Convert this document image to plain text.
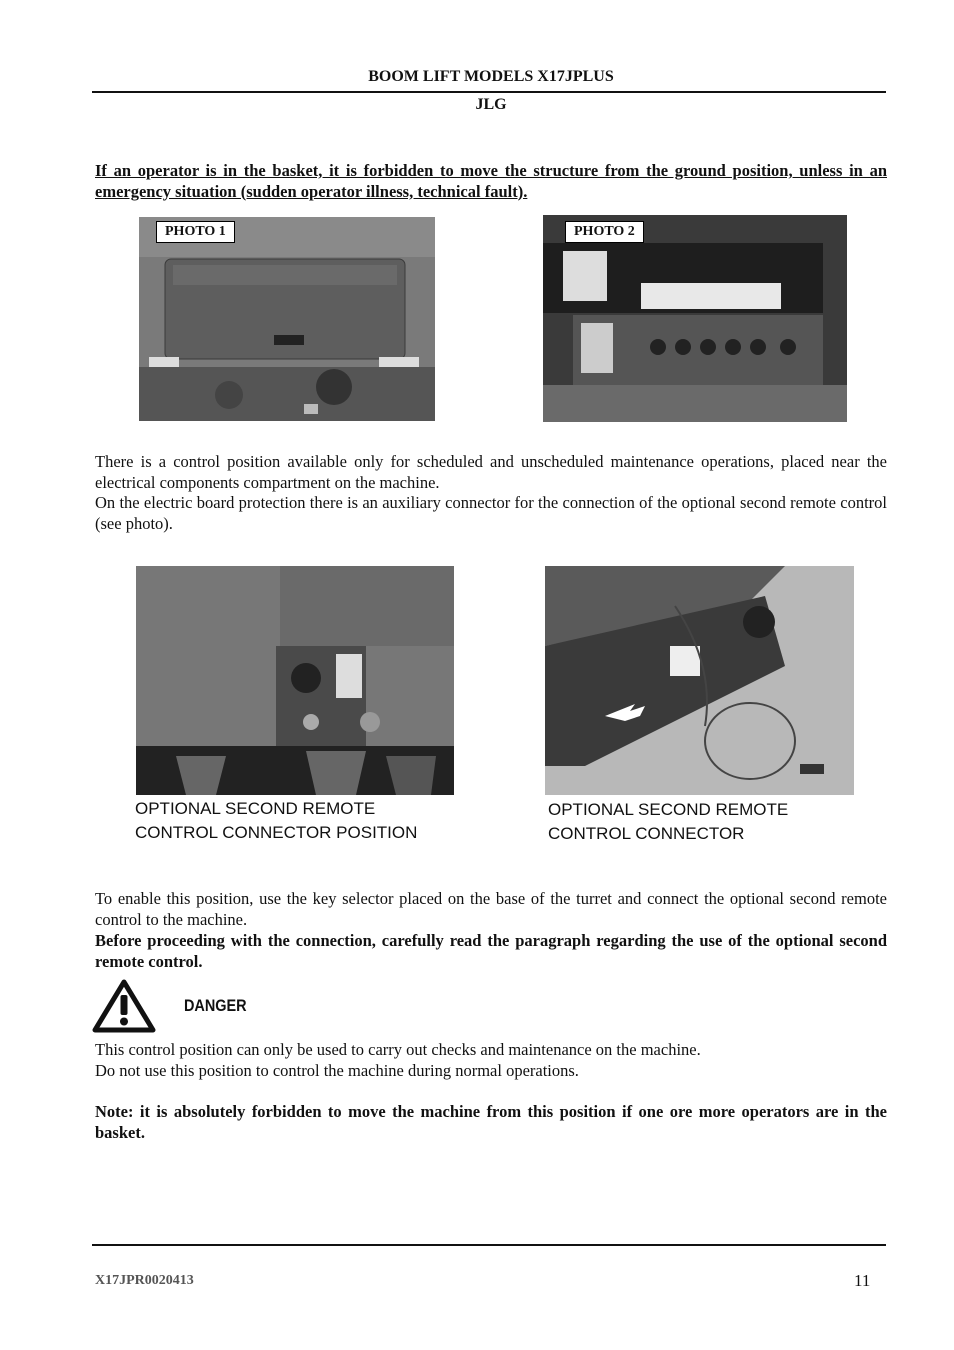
BOOM LIFT MODELS X17JPLUS
JLG
If an operator is in the basket, it is forbidden to move the structure from the ground position, unless in an emergency situation (sudden operator illness, technical fault).
PHOTO 1	PHOTO 2
There is a control position available only for scheduled and unscheduled maintenance operations, placed near the electrical components compartment on the machine.
On the electric board protection there is an auxiliary connector for the connection of the optional second remote control (see photo).
OPTIONAL SECOND REMOTE
CONTROL CONNECTOR POSITION
OPTIONAL SECOND REMOTE
CONTROL CONNECTOR
To enable this position, use the key selector placed on the base of the turret and connect the optional second remote control to the machine.
Before proceeding with the connection, carefully read the paragraph regarding the use of the optional second remote control.
DANGER
This control position can only be used to carry out checks and maintenance on the machine.
Do not use this position to control the machine during normal operations.
Note: it is absolutely forbidden to move the machine from this position if one ore more operators are in the basket.
X17JPR0020413	11
